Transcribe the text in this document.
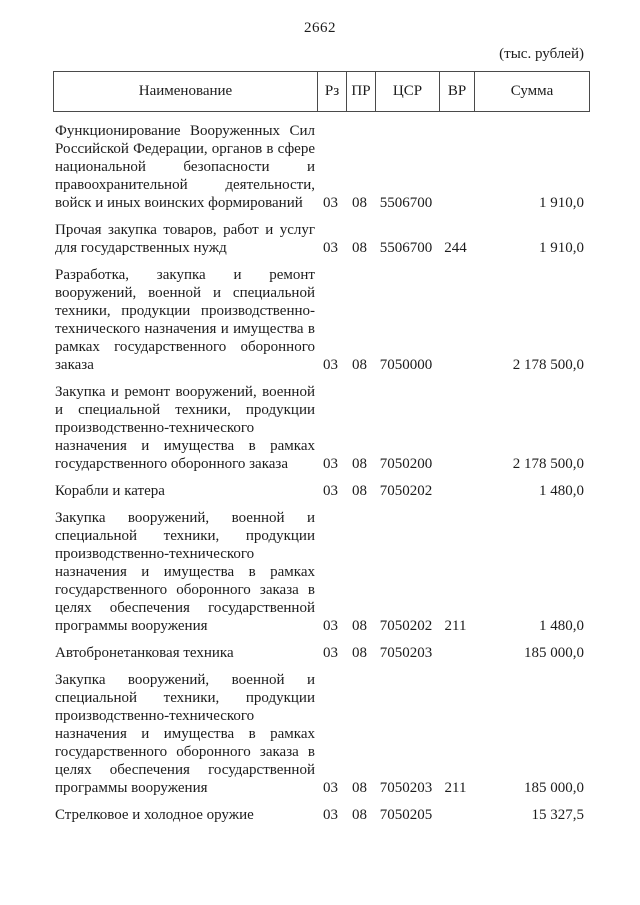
2662
(тыс. рублей)
Наименование	Рз ПР	ЦСР	ВР	Сумма
Функционирование Вооруженных Сил Российской Федерации, органов в сфере национальной безопасности и правоохранительной деятельности, войск и иных воинских формирований	03 08 5506700	1 910,0
Прочая закупка товаров, работ и услуг для государственных нужд	03 08 5506700 244	1 910,0
Разработка, закупка и ремонт вооружений, военной и специальной техники, продукции производственно-технического назначения и имущества в рамках государственного оборонного заказа	03 08 7050000	2 178 500,0
Закупка и ремонт вооружений, военной и специальной техники, продукции производственно-технического назначения и имущества в рамках государственного оборонного заказа	03 08 7050200	2 178 500,0
Корабли и катера	03 08 7050202	1 480,0
Закупка вооружений, военной и специальной техники, продукции производственно-технического назначения и имущества в рамках государственного оборонного заказа в целях обеспечения государственной программы вооружения	03 08 7050202 211	1 480,0
Автобронетанковая техника	03 08 7050203	185 000,0
Закупка вооружений, военной и специальной техники, продукции производственно-технического назначения и имущества в рамках государственного оборонного заказа в целях обеспечения государственной программы вооружения	03 08 7050203 211	185 000,0
Стрелковое и холодное оружие	03 08 7050205	15 327,5
